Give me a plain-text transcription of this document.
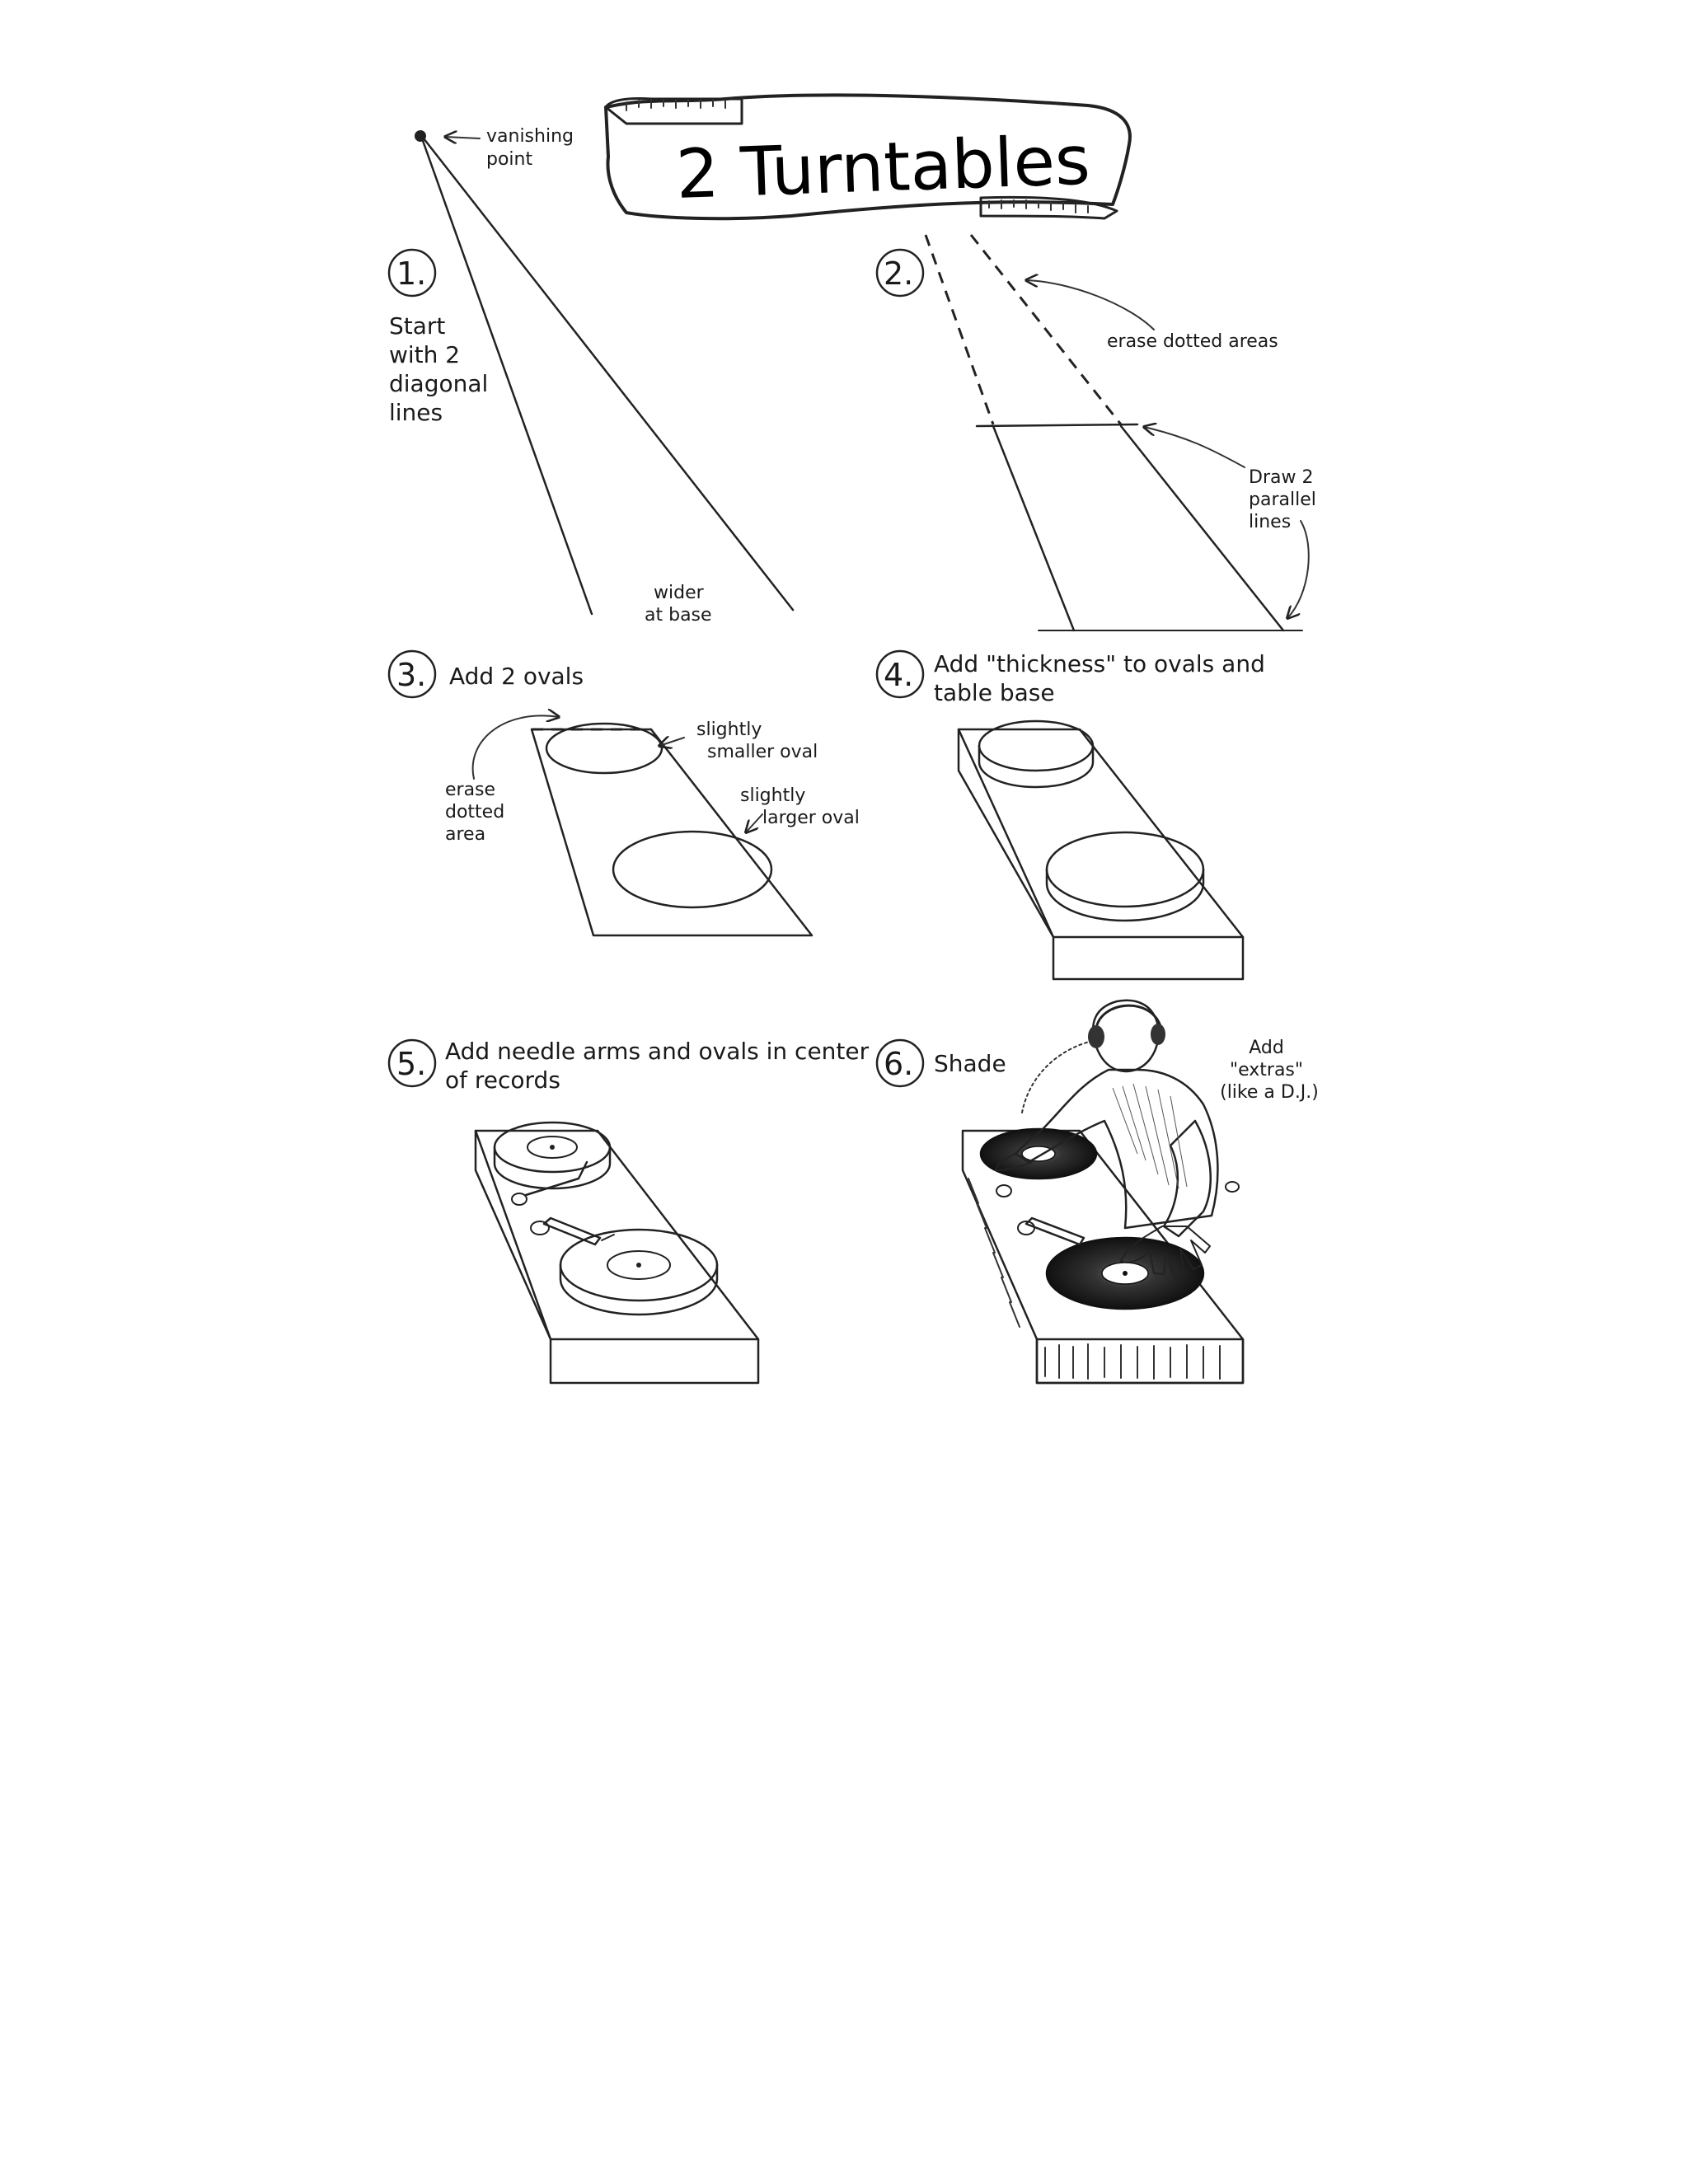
2 Turntables
vanishing point
1.
Start with 2 diagonal lines
wider at base
2.
erase dotted areas
Draw 2 parallel lines
3. Add 2 ovals
erase dotted area
slightly smaller oval
slightly larger oval
4. Add "thickness" to ovals and table base
5. Add needle arms and ovals in center of records	6. Shade
Add "extras" (like a D.J.)
